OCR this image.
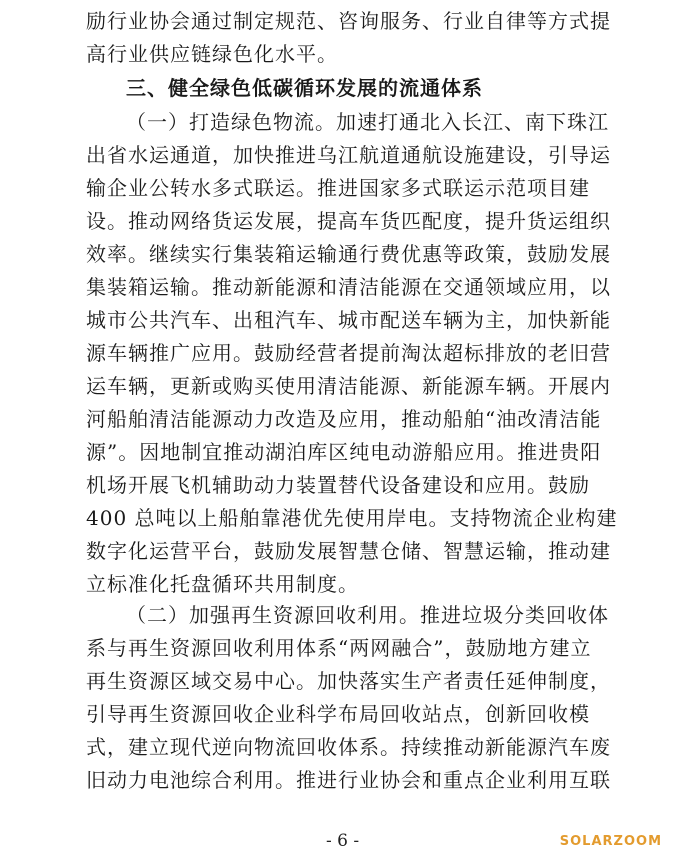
励行业协会通过制定规范、咨询服务、行业自律等方式提
高行业供应链绿色化水平。
三、健全绿色低碳循环发展的流通体系
（一）打造绿色物流。加速打通北入长江、南下珠江
出省水运通道，加快推进乌江航道通航设施建设，引导运
输企业公转水多式联运。推进国家多式联运示范项目建
设。推动网络货运发展，提高车货匹配度，提升货运组织
效率。继续实行集装箱运输通行费优惠等政策，鼓励发展
集装箱运输。推动新能源和清洁能源在交通领域应用，以
城市公共汽车、出租汽车、城市配送车辆为主，加快新能
源车辆推广应用。鼓励经营者提前淘汰超标排放的老旧营
运车辆，更新或购买使用清洁能源、新能源车辆。开展内
河船舶清洁能源动力改造及应用，推动船舶“油改清洁能
源”。因地制宜推动湖泊库区纯电动游船应用。推进贵阳
机场开展飞机辅助动力装置替代设备建设和应用。鼓励
400 总吨以上船舶靠港优先使用岸电。支持物流企业构建
数字化运营平台，鼓励发展智慧仓储、智慧运输，推动建
立标准化托盘循环共用制度。
（二）加强再生资源回收利用。推进垃圾分类回收体
系与再生资源回收利用体系“两网融合”，鼓励地方建立
再生资源区域交易中心。加快落实生产者责任延伸制度，
引导再生资源回收企业科学布局回收站点，创新回收模
式，建立现代逆向物流回收体系。持续推动新能源汽车废
旧动力电池综合利用。推进行业协会和重点企业利用互联
- 6 -	SOLARZOOM
